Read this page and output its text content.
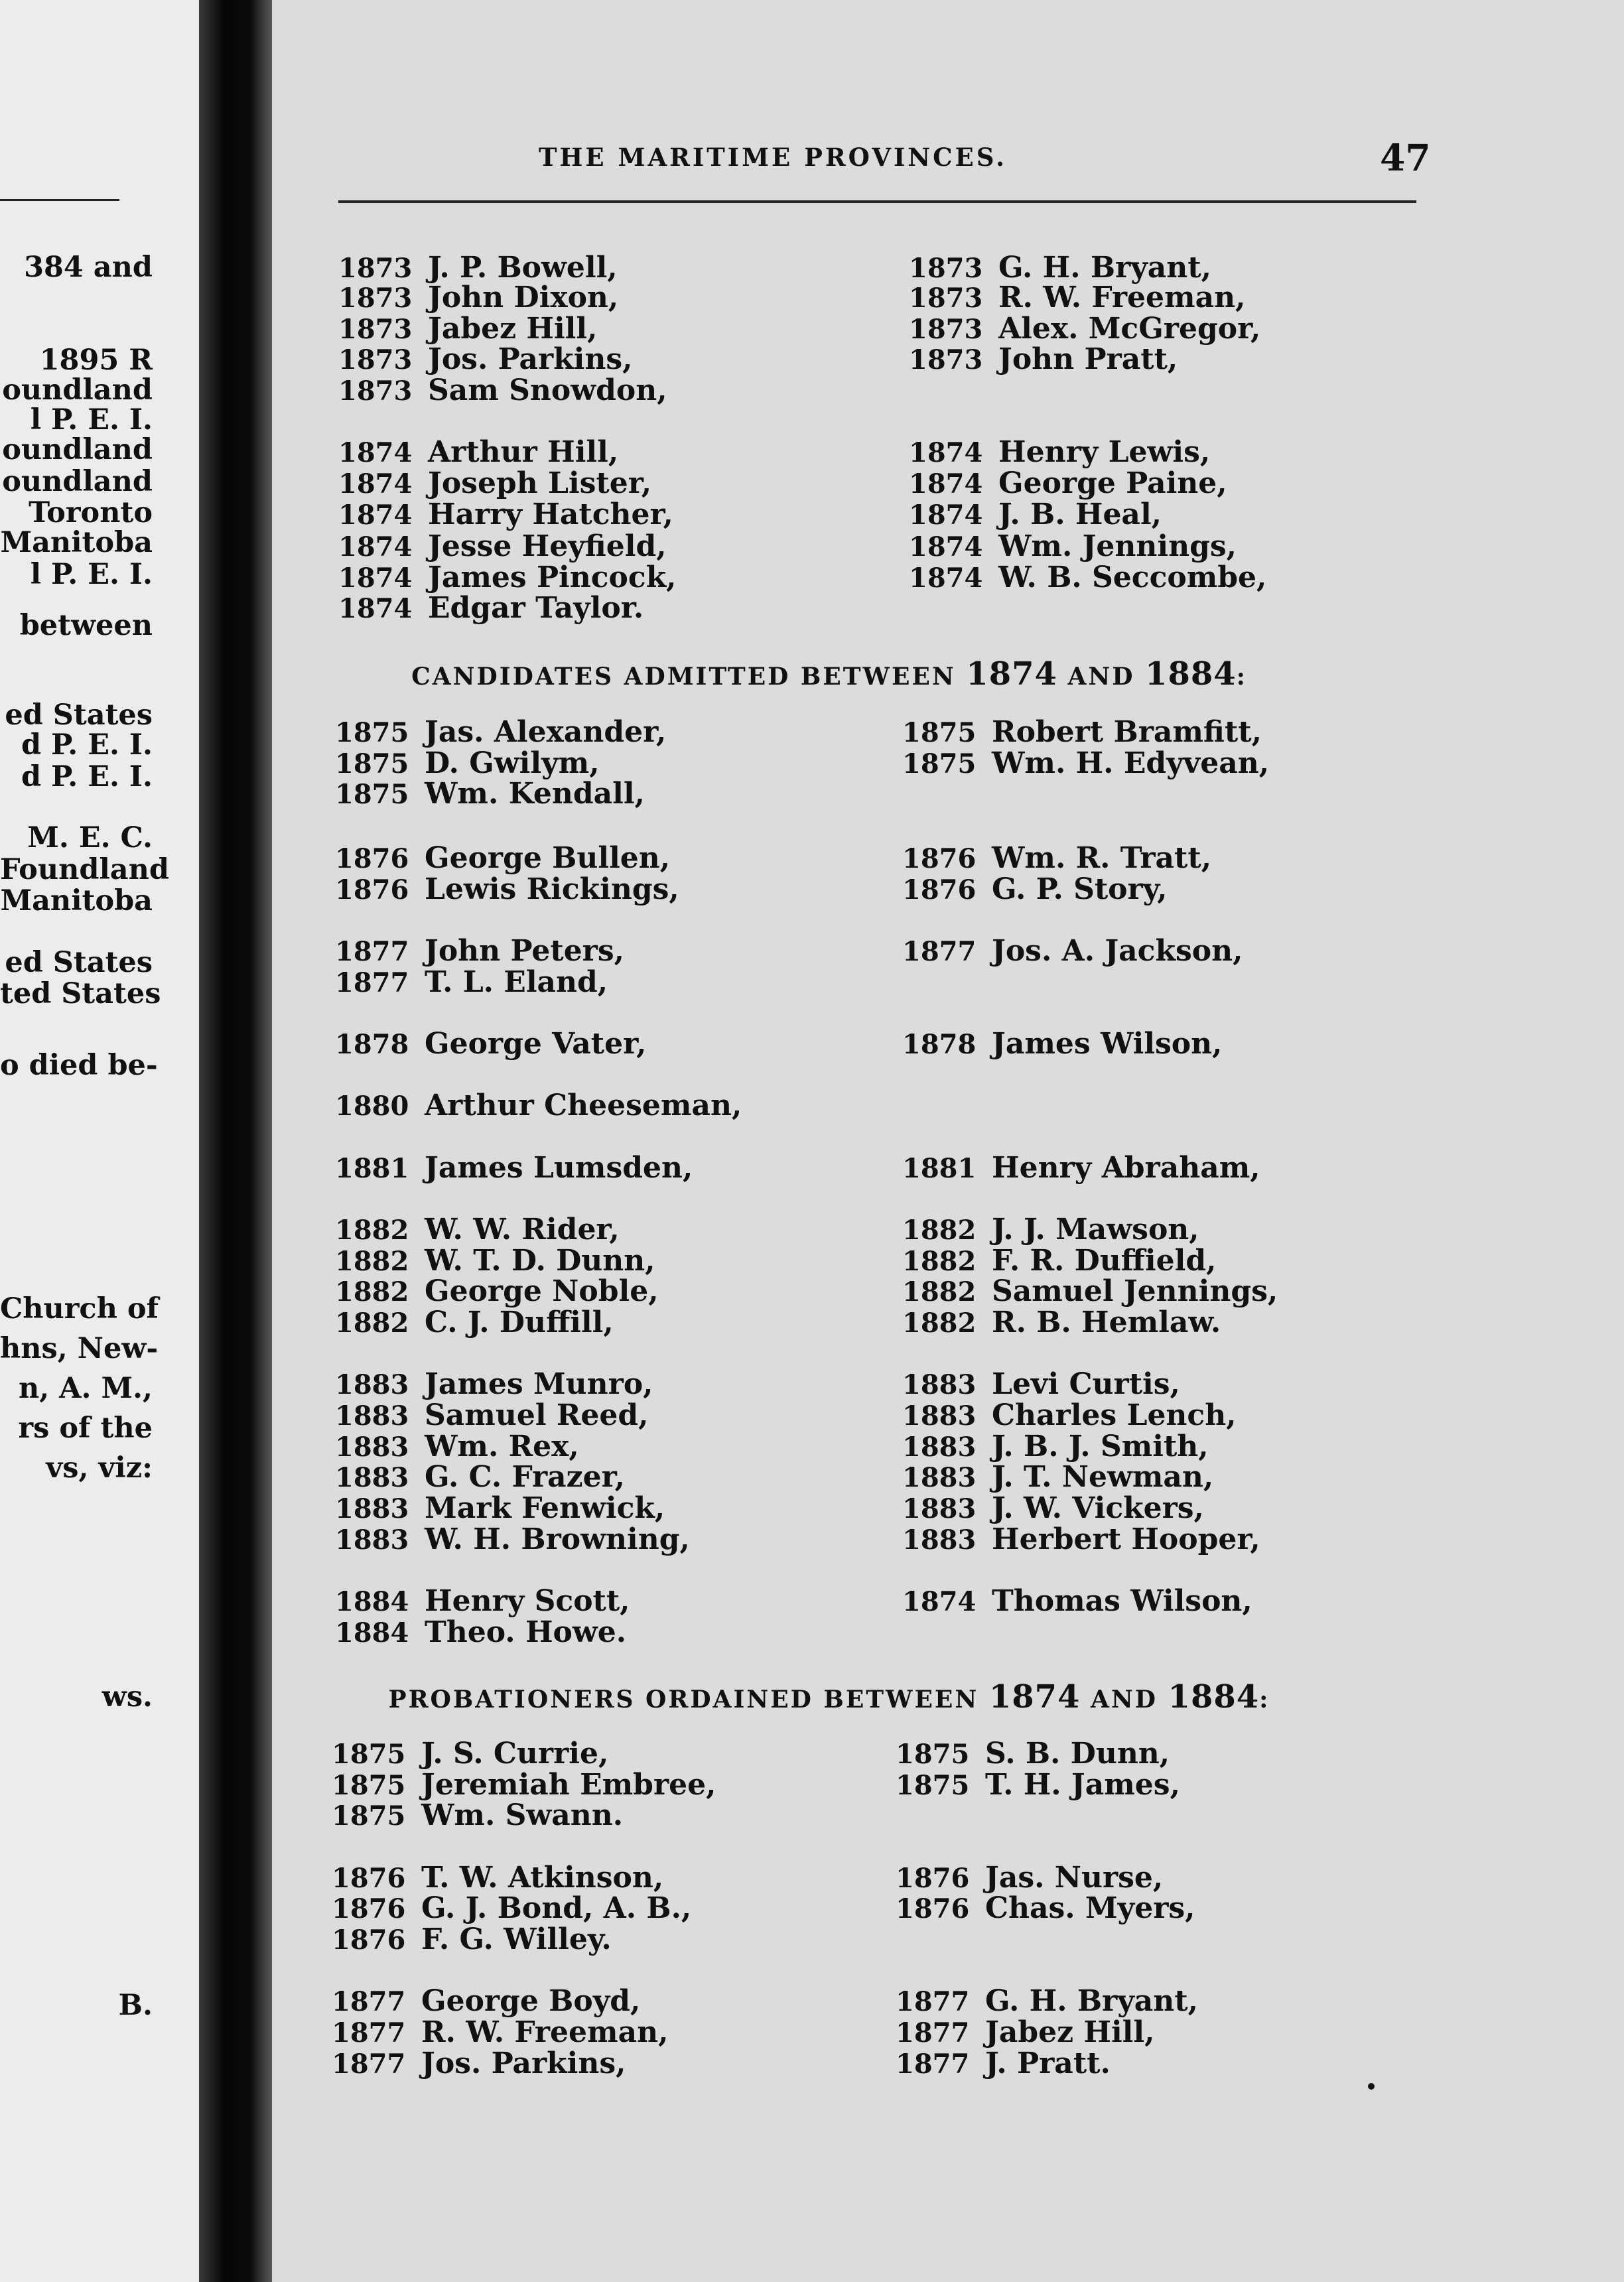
384 and
1895 R
oundland
l P. E. I.
oundland
oundland
Toronto
Manitoba
l P. E. I.
between
ed States
d P. E. I.
d P. E. I.
M. E. C.
Foundland
Manitoba
ed States
ted States
o died be-
Church of
hns, New-
n, A. M.,
rs of the
vs, viz:
ws.
B.
THE MARITIME PROVINCES.	47
CANDIDATES ADMITTED BETWEEN 1874 AND 1884:
PROBATIONERS ORDAINED BETWEEN 1874 AND 1884:
1873 J. P. Bowell,
1873 John Dixon,
1873 Jabez Hill,
1873 Jos. Parkins,
1873 Sam Snowdon,
1874 Arthur Hill,
1874 Joseph Lister,
1874 Harry Hatcher,
1874 Jesse Heyfield,
1874 James Pincock,
1874 Edgar Taylor.
1873 G. H. Bryant,
1873 R. W. Freeman,
1873 Alex. McGregor,
1873 John Pratt,
1874 Henry Lewis,
1874 George Paine,
1874 J. B. Heal,
1874 Wm. Jennings,
1874 W. B. Seccombe,
1875 Jas. Alexander,
1875 D. Gwilym,
1875 Wm. Kendall,
1876 George Bullen,
1876 Lewis Rickings,
1877 John Peters,
1877 T. L. Eland,
1878 George Vater,
1880 Arthur Cheeseman,
1881 James Lumsden,
1882 W. W. Rider,
1882 W. T. D. Dunn,
1882 George Noble,
1882 C. J. Duffill,
1883 James Munro,
1883 Samuel Reed,
1883 Wm. Rex,
1883 G. C. Frazer,
1883 Mark Fenwick,
1883 W. H. Browning,
1884 Henry Scott,
1884 Theo. Howe.
1875 Robert Bramfitt,
1875 Wm. H. Edyvean,
1876 Wm. R. Tratt,
1876 G. P. Story,
1877 Jos. A. Jackson,
1878 James Wilson,
1881 Henry Abraham,
1882 J. J. Mawson,
1882 F. R. Duffield,
1882 Samuel Jennings,
1882 R. B. Hemlaw.
1883 Levi Curtis,
1883 Charles Lench,
1883 J. B. J. Smith,
1883 J. T. Newman,
1883 J. W. Vickers,
1883 Herbert Hooper,
1874 Thomas Wilson,
1875 J. S. Currie,
1875 Jeremiah Embree,
1875 Wm. Swann.
1876 T. W. Atkinson,
1876 G. J. Bond, A. B.,
1876 F. G. Willey.
1877 George Boyd,
1877 R. W. Freeman,
1877 Jos. Parkins,
1875 S. B. Dunn,
1875 T. H. James,
1876 Jas. Nurse,
1876 Chas. Myers,
1877 G. H. Bryant,
1877 Jabez Hill,
1877 J. Pratt.
